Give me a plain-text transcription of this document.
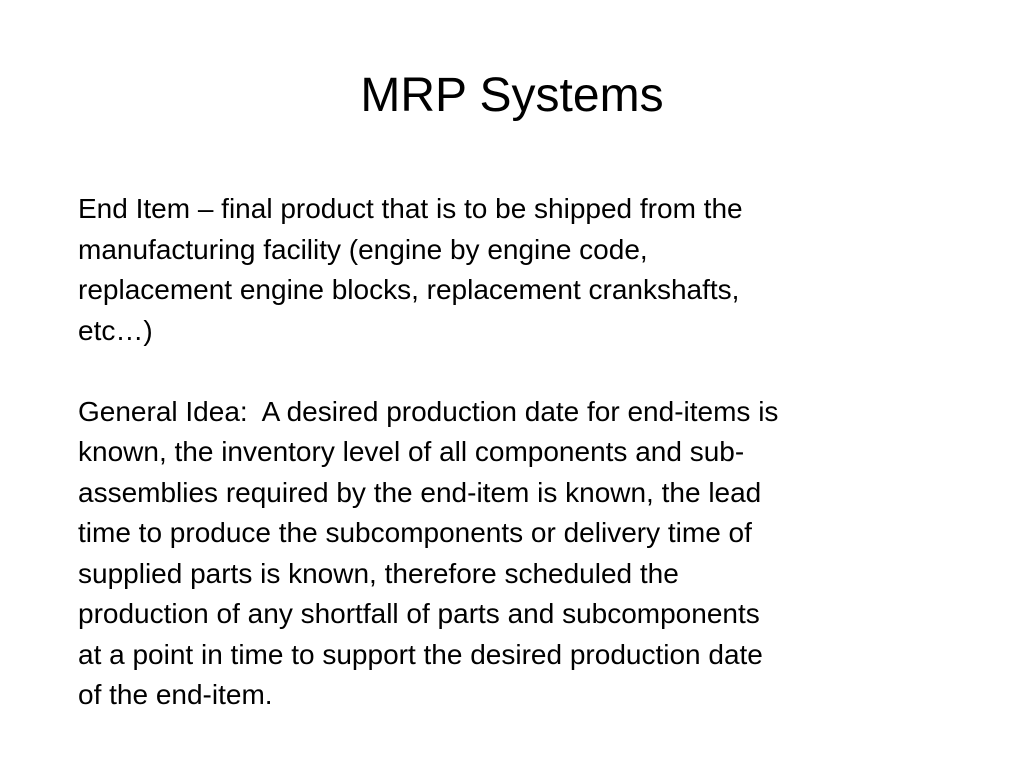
MRP Systems

End Item – final product that is to be shipped from the
manufacturing facility (engine by engine code,
replacement engine blocks, replacement crankshafts,
etc…)

General Idea:  A desired production date for end-items is
known, the inventory level of all components and sub-
assemblies required by the end-item is known, the lead
time to produce the subcomponents or delivery time of
supplied parts is known, therefore scheduled the
production of any shortfall of parts and subcomponents
at a point in time to support the desired production date
of the end-item.
